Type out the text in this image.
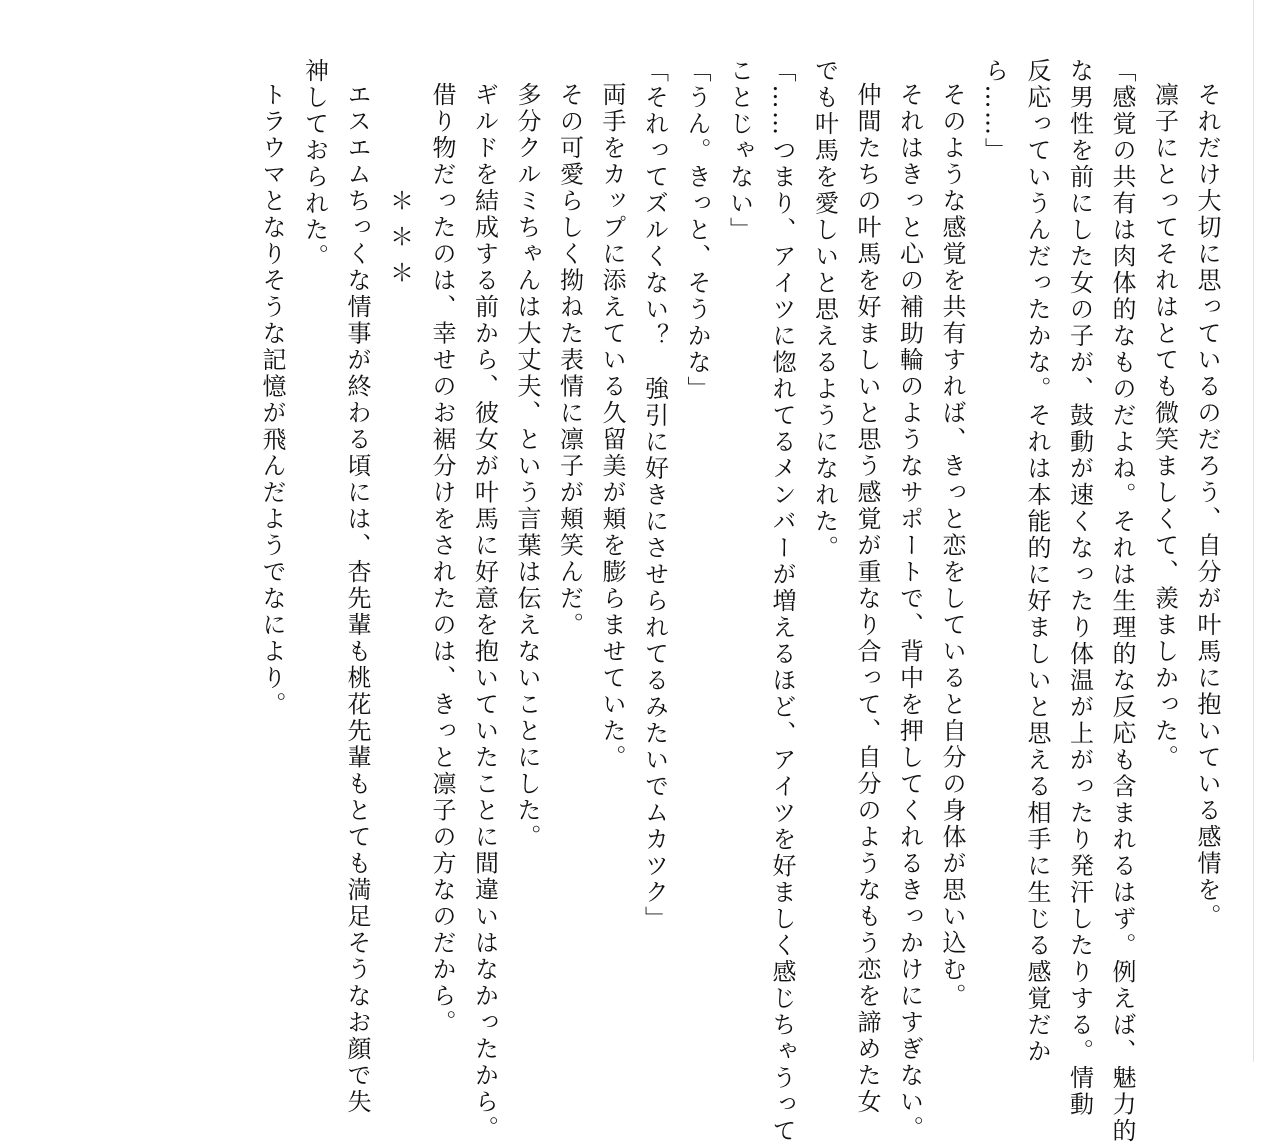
それだけ大切に思っているのだろう、自分が叶馬に抱いている感情を。
凛子にとってそれはとても微笑ましくて、羨ましかった。
「感覚の共有は肉体的なものだよね。それは生理的な反応も含まれるはず。例えば、魅力的
な男性を前にした女の子が、鼓動が速くなったり体温が上がったり発汗したりする。情動
反応っていうんだったかな。それは本能的に好ましいと思える相手に生じる感覚だか
ら……」
そのような感覚を共有すれば、きっと恋をしていると自分の身体が思い込む。
それはきっと心の補助輪のようなサポートで、背中を押してくれるきっかけにすぎない。
仲間たちの叶馬を好ましいと思う感覚が重なり合って、自分のようなもう恋を諦めた女
でも叶馬を愛しいと思えるようになれた。
「……つまり、アイツに惚れてるメンバーが増えるほど、アイツを好ましく感じちゃうって
ことじゃない」
「うん。きっと、そうかな」
「それってズルくない？　強引に好きにさせられてるみたいでムカツク」
両手をカップに添えている久留美が頬を膨らませていた。
その可愛らしく拗ねた表情に凛子が頬笑んだ。
多分クルミちゃんは大丈夫、という言葉は伝えないことにした。
ギルドを結成する前から、彼女が叶馬に好意を抱いていたことに間違いはなかったから。
借り物だったのは、幸せのお裾分けをされたのは、きっと凛子の方なのだから。
＊＊＊
エスエムちっくな情事が終わる頃には、杏先輩も桃花先輩もとても満足そうなお顔で失
神しておられた。
トラウマとなりそうな記憶が飛んだようでなにより。
